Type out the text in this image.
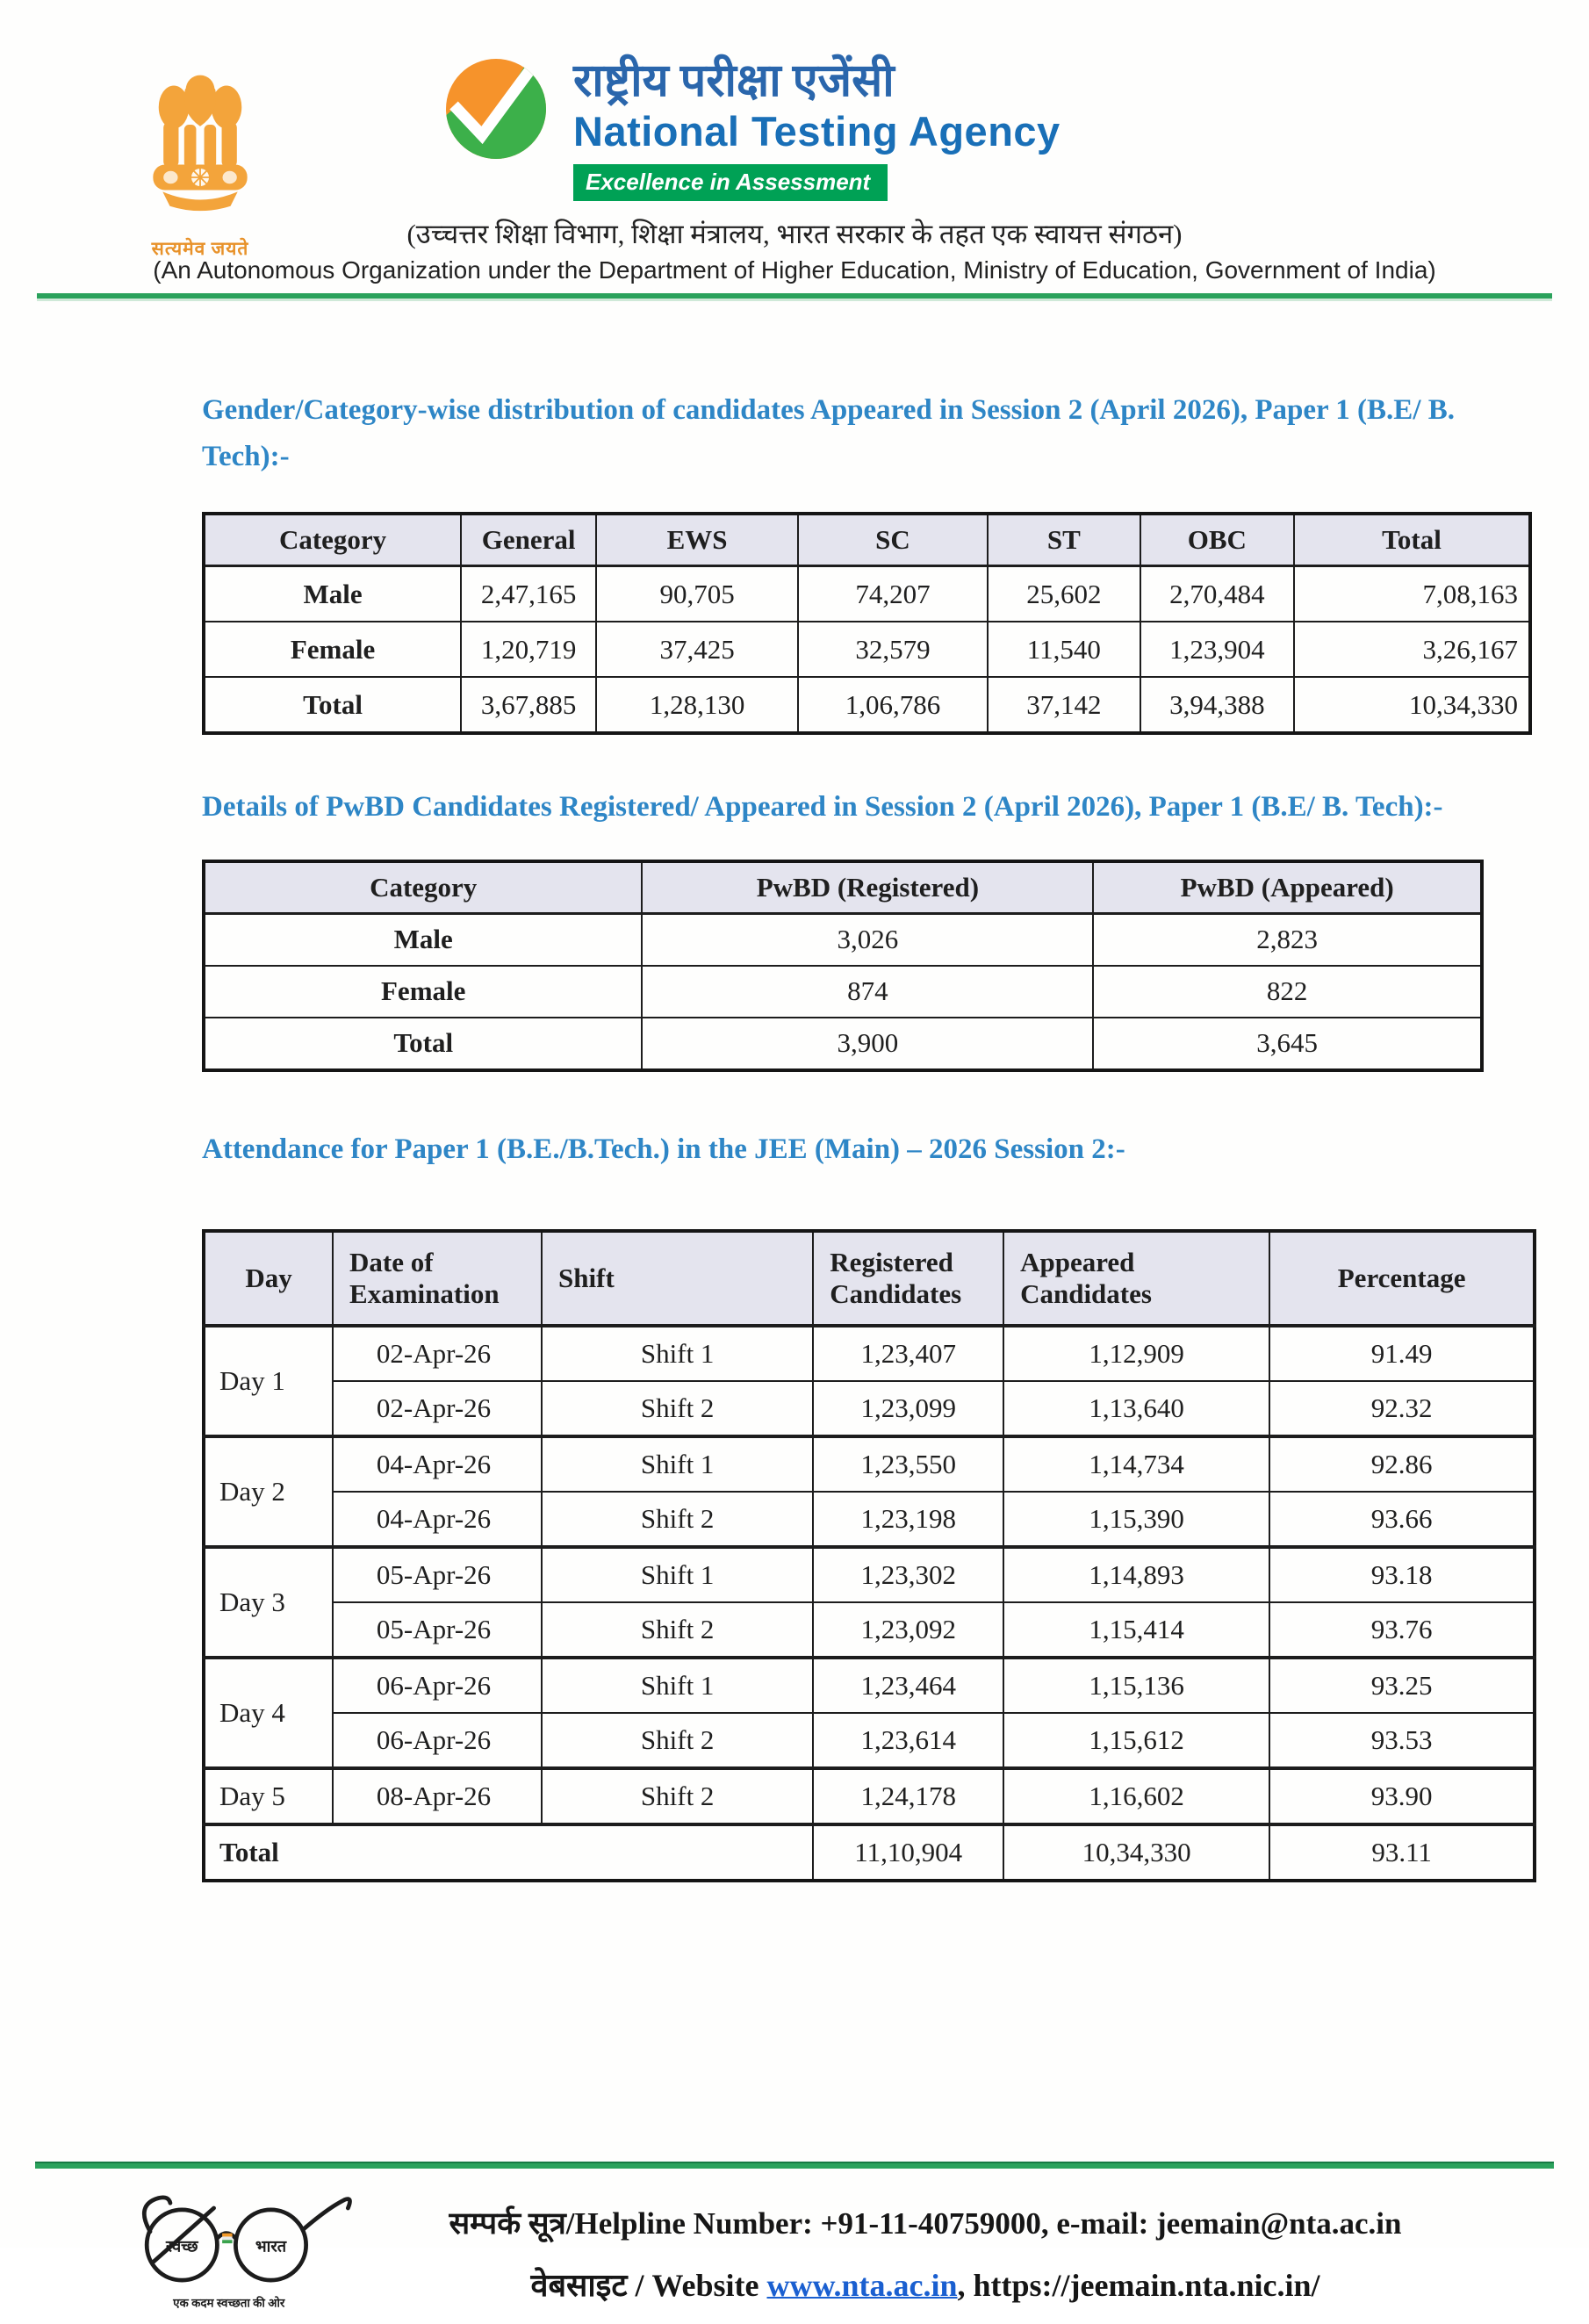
सत्यमेव जयते
राष्ट्रीय परीक्षा एजेंसी
National Testing Agency
Excellence in Assessment
(उच्चत्तर शिक्षा विभाग, शिक्षा मंत्रालय, भारत सरकार के तहत एक स्वायत्त संगठन)
(An Autonomous Organization under the Department of Higher Education, Ministry of Education, Government of India)
Gender/Category-wise distribution of candidates Appeared in Session 2 (April 2026), Paper 1 (B.E/ B. Tech):-
Category	General	EWS	SC	ST	OBC	Total
Male	2,47,165	90,705	74,207	25,602	2,70,484	7,08,163
Female	1,20,719	37,425	32,579	11,540	1,23,904	3,26,167
Total	3,67,885	1,28,130	1,06,786	37,142	3,94,388	10,34,330
Details of PwBD Candidates Registered/ Appeared in Session 2 (April 2026), Paper 1 (B.E/ B. Tech):-
Category	PwBD (Registered)	PwBD (Appeared)
Male	3,026	2,823
Female	874	822
Total	3,900	3,645
Attendance for Paper 1 (B.E./B.Tech.) in the JEE (Main) – 2026 Session 2:-
Day	Date of Examination	Shift	Registered Candidates	Appeared Candidates	Percentage
Day 1	02-Apr-26	Shift 1	1,23,407	1,12,909	91.49
	02-Apr-26	Shift 2	1,23,099	1,13,640	92.32
Day 2	04-Apr-26	Shift 1	1,23,550	1,14,734	92.86
	04-Apr-26	Shift 2	1,23,198	1,15,390	93.66
Day 3	05-Apr-26	Shift 1	1,23,302	1,14,893	93.18
	05-Apr-26	Shift 2	1,23,092	1,15,414	93.76
Day 4	06-Apr-26	Shift 1	1,23,464	1,15,136	93.25
	06-Apr-26	Shift 2	1,23,614	1,15,612	93.53
Day 5	08-Apr-26	Shift 2	1,24,178	1,16,602	93.90
Total			11,10,904	10,34,330	93.11
स्वच्छ	भारत
एक कदम स्वच्छता की ओर
सम्पर्क सूत्र/Helpline Number: +91-11-40759000, e-mail: jeemain@nta.ac.in
वेबसाइट / Website www.nta.ac.in, https://jeemain.nta.nic.in/
